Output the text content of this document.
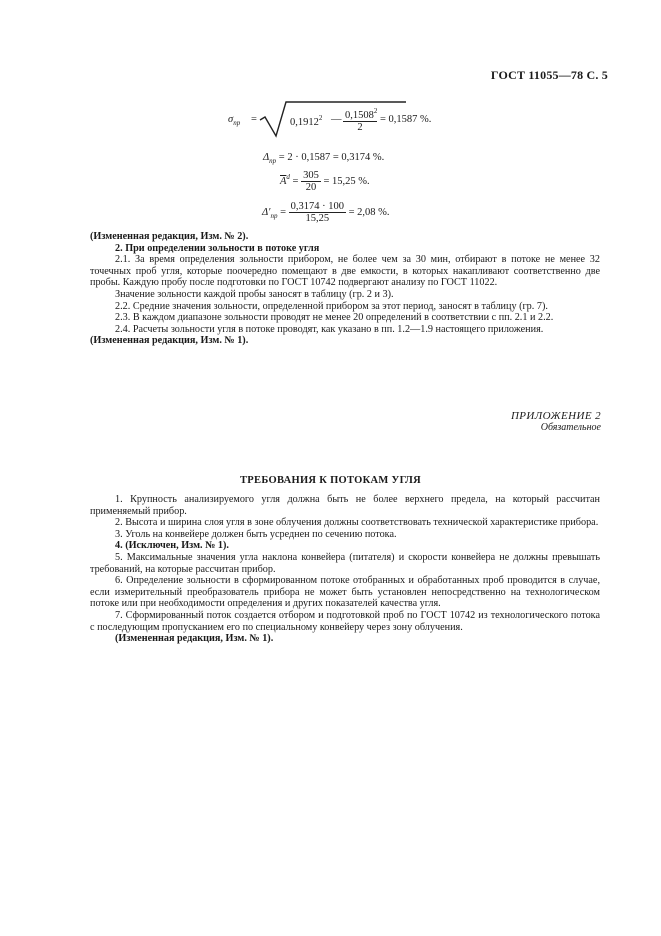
ГОСТ 11055—78 С. 5
$\sigma_{пр}$ =	$0,1912^2$ — $\frac{0,1508^2}{2} = 0,1587$ %.
$\Delta_{пр} = 2 \cdot 0,1587 = 0,3174$ %.
$\overline{A}^d = \frac{305}{20} = 15,25$ %.
$\Delta'_{пр} = \frac{0,3174 \cdot 100}{15,25} = 2,08$ %.

(Измененная редакция, Изм. № 2).

2. При определении зольности в потоке угля

2.1. За время определения зольности прибором, не более чем за 30 мин, отбирают в потоке не менее 32 точечных проб угля, которые поочередно помещают в две емкости, в которых накапливают соответственно две пробы. Каждую пробу после подготовки по ГОСТ 10742 подвергают анализу по ГОСТ 11022.

Значение зольности каждой пробы заносят в таблицу (гр. 2 и 3).

2.2. Средние значения зольности, определенной прибором за этот период, заносят в таблицу (гр. 7).

2.3. В каждом диапазоне зольности проводят не менее 20 определений в соответствии с пп. 2.1 и 2.2.

2.4. Расчеты зольности угля в потоке проводят, как указано в пп. 1.2—1.9 настоящего приложения.

(Измененная редакция, Изм. № 1).

ПРИЛОЖЕНИЕ 2
Обязательное
ТРЕБОВАНИЯ К ПОТОКАМ УГЛЯ

1. Крупность анализируемого угля должна быть не более верхнего предела, на который рассчитан применяемый прибор.

2. Высота и ширина слоя угля в зоне облучения должны соответствовать технической характеристике прибора.

3. Уголь на конвейере должен быть усреднен по сечению потока.

4. (Исключен, Изм. № 1).

5. Максимальные значения угла наклона конвейера (питателя) и скорости конвейера не должны превышать требований, на которые рассчитан прибор.

6. Определение зольности в сформированном потоке отобранных и обработанных проб проводится в случае, если измерительный преобразователь прибора не может быть установлен непосредственно на технологическом потоке или при необходимости определения и других показателей качества угля.

7. Сформированный поток создается отбором и подготовкой проб по ГОСТ 10742 из технологического потока с последующим пропусканием его по специальному конвейеру через зону облучения.

(Измененная редакция, Изм. № 1).
